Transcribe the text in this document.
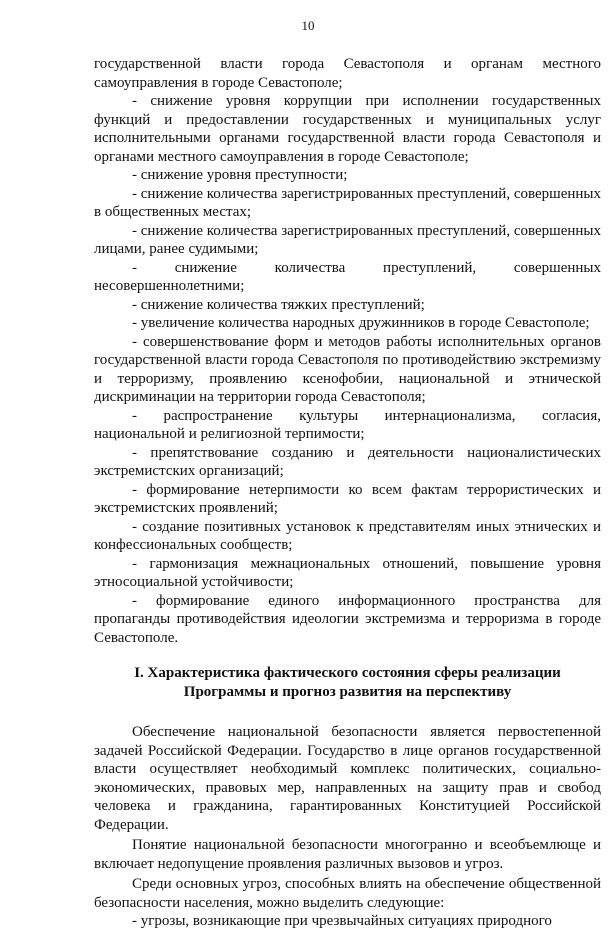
10

государственной власти города Севастополя и органам местного самоуправления в городе Севастополе;

- снижение уровня коррупции при исполнении государственных функций и предоставлении государственных и муниципальных услуг исполнительными органами государственной власти города Севастополя и органами местного самоуправления в городе Севастополе;

- снижение уровня преступности;

- снижение количества зарегистрированных преступлений, совершенных в общественных местах;

- снижение количества зарегистрированных преступлений, совершенных лицами, ранее судимыми;

- снижение количества преступлений, совершенных несовершеннолетними;

- снижение количества тяжких преступлений;

- увеличение количества народных дружинников в городе Севастополе;

- совершенствование форм и методов работы исполнительных органов государственной власти города Севастополя по противодействию экстремизму и терроризму, проявлению ксенофобии, национальной и этнической дискриминации на территории города Севастополя;

- распространение культуры интернационализма, согласия, национальной и религиозной терпимости;

- препятствование созданию и деятельности националистических экстремистских организаций;

- формирование нетерпимости ко всем фактам террористических и экстремистских проявлений;

- создание позитивных установок к представителям иных этнических и конфессиональных сообществ;

- гармонизация межнациональных отношений, повышение уровня этносоциальной устойчивости;

- формирование единого информационного пространства для пропаганды противодействия идеологии экстремизма и терроризма в городе Севастополе.

I. Характеристика фактического состояния сферы реализации
Программы и прогноз развития на перспективу

Обеспечение национальной безопасности является первостепенной задачей Российской Федерации. Государство в лице органов государственной власти осуществляет необходимый комплекс политических, социально-экономических, правовых мер, направленных на защиту прав и свобод человека и гражданина, гарантированных Конституцией Российской Федерации.

Понятие национальной безопасности многогранно и всеобъемлюще и включает недопущение проявления различных вызовов и угроз.

Среди основных угроз, способных влиять на обеспечение общественной безопасности населения, можно выделить следующие:

- угрозы, возникающие при чрезвычайных ситуациях природного
